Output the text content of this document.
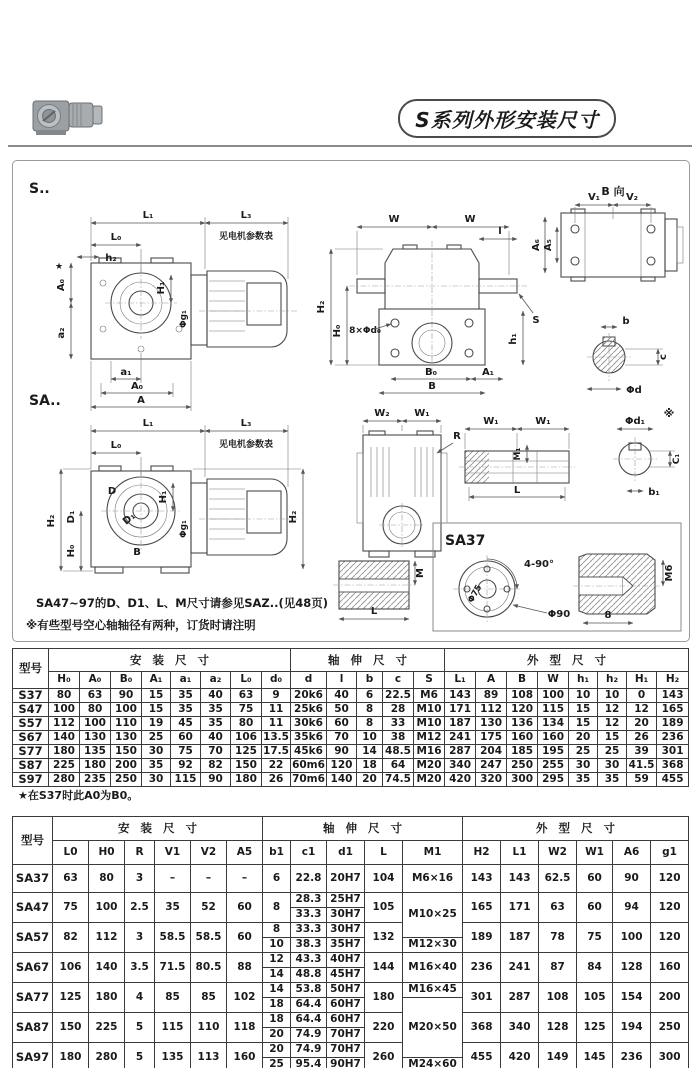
S系列外形安装尺寸
S..
L₁	L₃
见电机参数表
L₀
h₂
★
A₀
a₂
H₁
Φg₁
a₁
A₀
A
W	W
l
8×Φd₀
h₁
S
B₀	A₁
B
H₂
H₀
B 向
V₁	V₂
A₆ A₅
b
c
Φd
SA..
D
D₁
B
L₁	L₃
见电机参数表
L₀
H₂ D₁
H₀
H₁
Φg₁
H₂
W₂ W₁
R
W₁	W₁
M₁
L
※
Φd₁
C₁
b₁
M
L
SA37
4-90°
Φ75
Φ90
M6
8
SA47~97的D、D1、L、M尺寸请参见SAZ..(见48页)
※有些型号空心轴轴径有两种，订货时请注明
型号	安装尺寸								轴伸尺寸					外型尺寸							
	H₀	A₀	B₀	A₁	a₁	a₂	L₀	d₀	d	l	b	c	S	L₁	A	B	W	h₁	h₂	H₁	H₂
S37	80	63	90	15	35	40	63	9	20k6	40	6	22.5	M6	143	89	108	100	10	10	0	143
S47	100	80	100	15	35	35	75	11	25k6	50	8	28	M10	171	112	120	115	15	12	12	165
S57	112	100	110	19	45	35	80	11	30k6	60	8	33	M10	187	130	136	134	15	12	20	189
S67	140	130	130	25	60	40	106	13.5	35k6	70	10	38	M12	241	175	160	160	20	15	26	236
S77	180	135	150	30	75	70	125	17.5	45k6	90	14	48.5	M16	287	204	185	195	25	25	39	301
S87	225	180	200	35	92	82	150	22	60m6	120	18	64	M20	340	247	250	255	30	30	41.5	368
S97	280	235	250	30	115	90	180	26	70m6	140	20	74.5	M20	420	320	300	295	35	35	59	455
★在S37时此A0为B0。
型号	安装尺寸						轴伸尺寸					外型尺寸					
	L0	H0	R	V1	V2	A5	b1	c1	d1	L	M1	H2	L1	W2	W1	A6	g1
SA37	63	80	3	–	–	–	6	22.8	20H7	104	M6×16	143	143	62.5	60	90	120
SA47	75	100	2.5	35	52	60	8	28.3	25H7	105	M10×25	165	171	63	60	94	120
								33.3	30H7								
SA57	82	112	3	58.5	58.5	60	8	33.3	30H7	132		189	187	78	75	100	120
							10	38.3	35H7		M12×30						
SA67	106	140	3.5	71.5	80.5	88	12	43.3	40H7	144	M16×40	236	241	87	84	128	160
							14	48.8	45H7								
SA77	125	180	4	85	85	102	14	53.8	50H7	180	M16×45	301	287	108	105	154	200
							18	64.4	60H7		M20×50						
SA87	150	225	5	115	110	118	18	64.4	60H7	220		368	340	128	125	194	250
							20	74.9	70H7								
SA97	180	280	5	135	113	160	20	74.9	70H7	260		455	420	149	145	236	300
							25	95.4	90H7		M24×60						
